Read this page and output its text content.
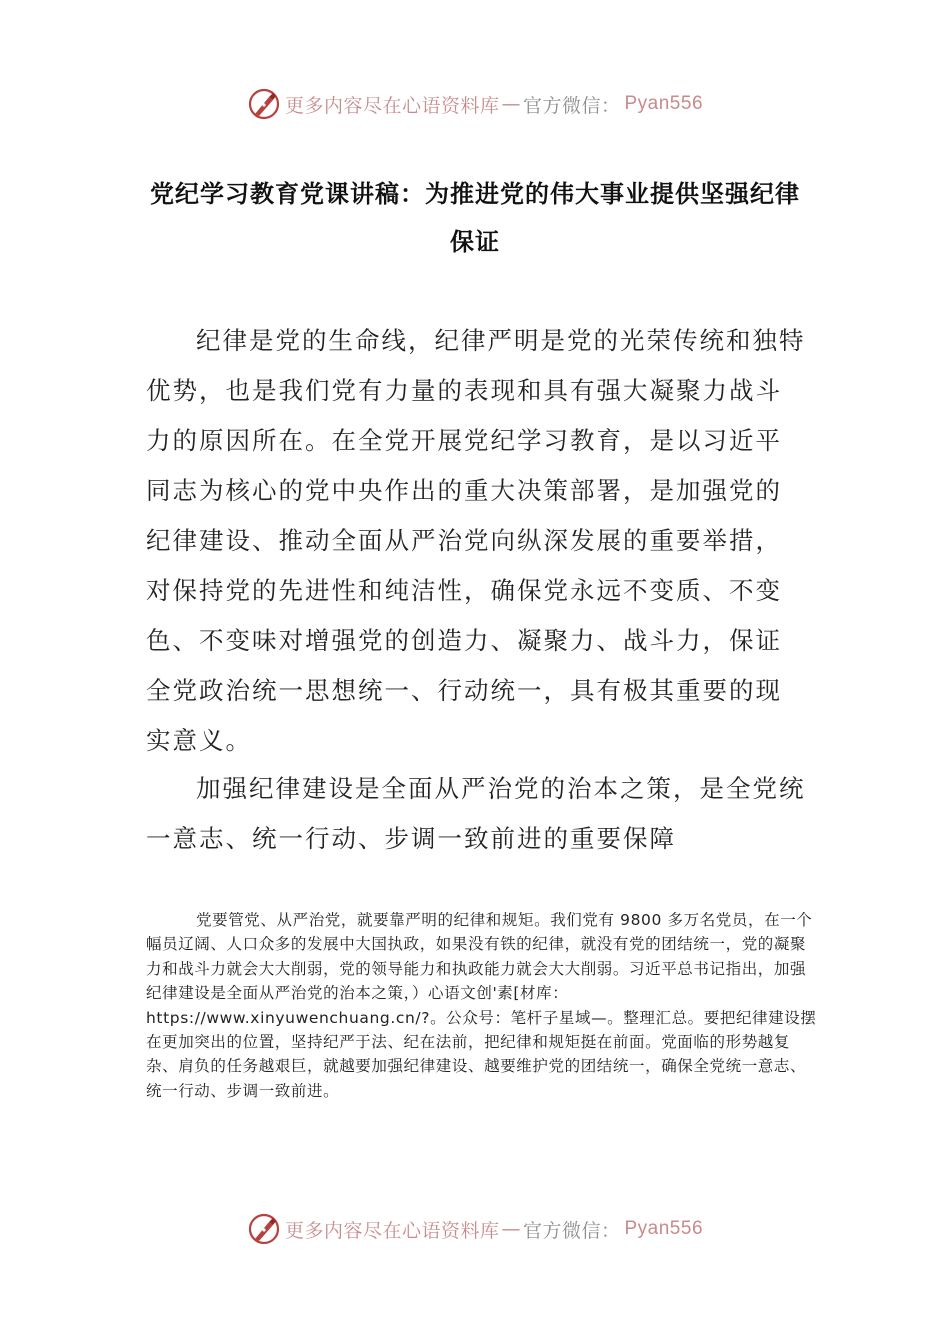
更多内容尽在心语资料库 — 官方微信： Pyan556
党纪学习教育党课讲稿：为推进党的伟大事业提供坚强纪律保证

纪律是党的生命线，纪律严明是党的光荣传统和独特优势，也是我们党有力量的表现和具有强大凝聚力战斗力的原因所在。在全党开展党纪学习教育，是以习近平同志为核心的党中央作出的重大决策部署，是加强党的纪律建设、推动全面从严治党向纵深发展的重要举措，对保持党的先进性和纯洁性，确保党永远不变质、不变色、不变味对增强党的创造力、凝聚力、战斗力，保证全党政治统一思想统一、行动统一，具有极其重要的现实意义。

加强纪律建设是全面从严治党的治本之策，是全党统一意志、统一行动、步调一致前进的重要保障

党要管党、从严治党，就要靠严明的纪律和规矩。我们党有 9800 多万名党员，在一个幅员辽阔、人口众多的发展中大国执政，如果没有铁的纪律，就没有党的团结统一，党的凝聚力和战斗力就会大大削弱，党的领导能力和执政能力就会大大削弱。习近平总书记指出，加强纪律建设是全面从严治党的治本之策，）心语文创'素[材库：https://www.xinyuwenchuang.cn/?。公众号：笔杆子星域—。整理汇总。要把纪律建设摆在更加突出的位置，坚持纪严于法、纪在法前，把纪律和规矩挺在前面。党面临的形势越复杂、肩负的任务越艰巨，就越要加强纪律建设、越要维护党的团结统一，确保全党统一意志、统一行动、步调一致前进。

更多内容尽在心语资料库 — 官方微信： Pyan556
